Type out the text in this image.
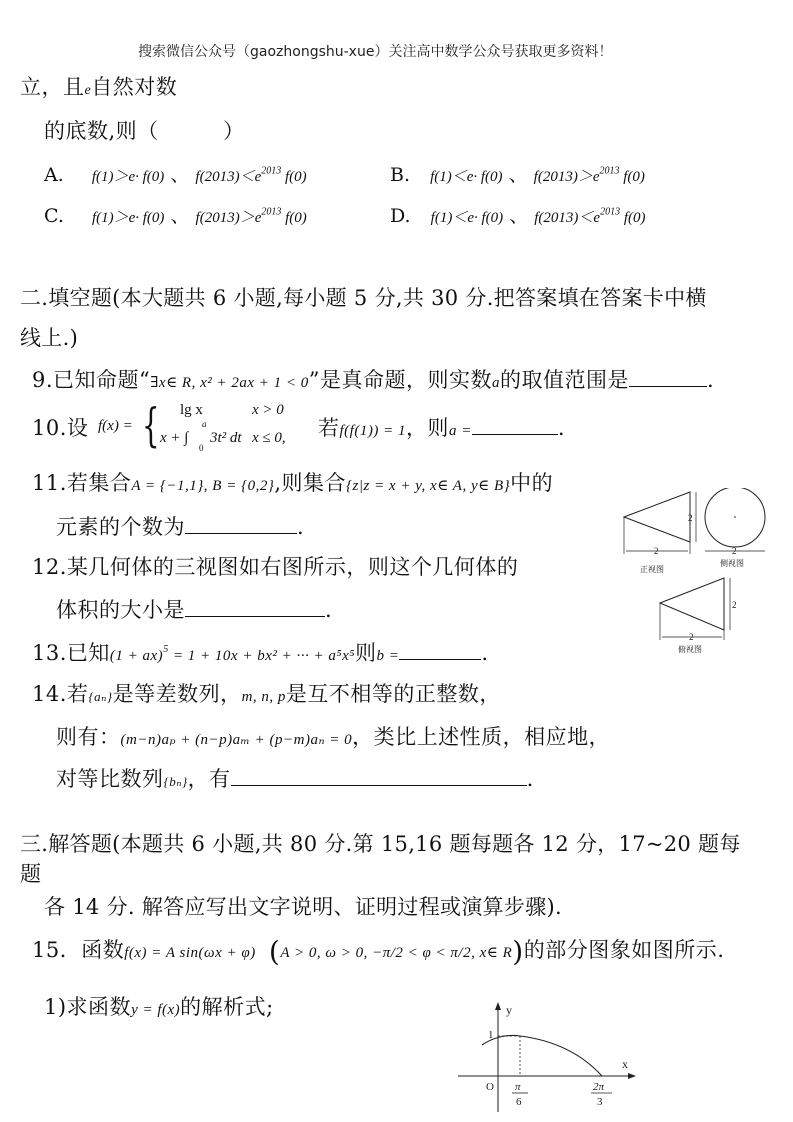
搜索微信公众号（gaozhongshu-xue）关注高中数学公众号获取更多资料！
立，且e自然对数
的底数,则（　　　）
A. f(1)＞e· f(0) 、 $f(2013)<e^{2013}$ f(0)	B. f(1)＜e· f(0) 、 $f(2013)>e^{2013}$ f(0)
C. f(1)＞e· f(0) 、 $f(2013)>e^{2013}$ f(0)	D. f(1)＜e· f(0) 、 $f(2013)<e^{2013}$ f(0)
二.填空题(本大题共 6 小题,每小题 5 分,共 30 分.把答案填在答案卡中横
线上.)
9.已知命题“∃x∈ R, x² + 2ax + 1 < 0”是真命题，则实数a的取值范围是	.
10.设 f(x) = { lg x	x > 0
x + ∫
a
0
3t² dt x ≤ 0, 若f(f(1)) = 1，则a =	.
11.若集合A = {−1,1}, B = {0,2},则集合{z|z = x + y, x∈ A, y∈ B}中的
元素的个数为	.
12.某几何体的三视图如右图所示，则这个几何体的
体积的大小是	.
2
2
正视图
2
侧视图
2
2
俯视图
13.已知(1 + ax)$^5$ = 1 + 10x + bx² + ··· + a⁵x⁵则b =	.
14.若{aₙ}是等差数列，m, n, p是互不相等的正整数，
则有：(m−n)aₚ + (n−p)aₘ + (p−m)aₙ = 0，类比上述性质，相应地，
对等比数列{bₙ}，有	.
三.解答题(本题共 6 小题,共 80 分.第 15,16 题每题各 12 分，17~20 题每
题
各 14 分. 解答应写出文字说明、证明过程或演算步骤).
15．函数f(x) = A sin(ωx + φ) (A > 0, ω > 0, −π/2 < φ < π/2, x∈ R)的部分图象如图所示.
1)求函数y = f(x)的解析式;	y
x
O
1
π
6
2π
3
